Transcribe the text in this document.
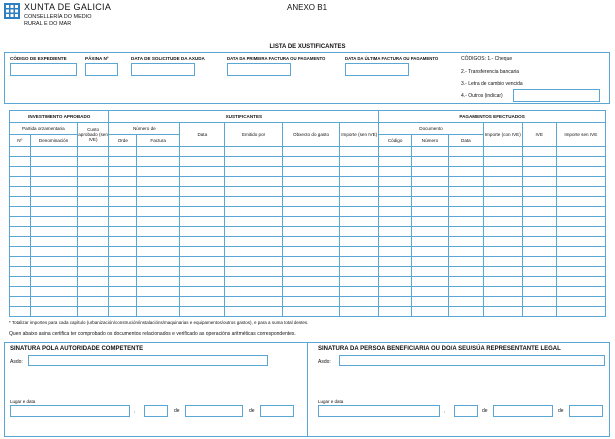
XUNTA DE GALICIA
CONSELLERÍA DO MEDIO RURAL E DO MAR
ANEXO B1
LISTA DE XUSTIFICANTES
CÓDIGO DE EXPEDIENTE	PÁXINA Nº	DATA DE SOLICITUDE DA AXUDA	DATA DA PRIMEIRA FACTURA OU PAGAMENTO	DATA DA ÚLTIMA FACTURA OU PAGAMENTO	CÓDIGOS: 1.- Cheque
2.- Transferencia bancaria
3.- Letra de cambio vencida
4.- Outros (indicar)
INVESTIMENTO APROBADO			XUSTIFICANTES						PAGAMENTOS EFECTUADOS					
Partida orzamentaria		Custo aprobado (sen IVE)	Número de		Data	Emitido por	Obxecto do gasto	Importe (sen IVE)	Documento			Importe (con IVE)	IVE	Importe sen IVE
Nº	Denominación		Orde	Factura					Código	Número	Data			

* Totalizar importes para cada capítulo (urbanización/construción/instalacións/maquinarias e equipamentos/outros gastos), e para a suma total destes.
Quen abaixo asina certifica ter comprobado os documentos relacionados e verificado as operacións aritméticas correspondentes.
SINATURA POLA AUTORIDADE COMPETENTE
Asdo:
Lugar e data
,	de	de
SINATURA DA PERSOA BENEFICIARIA OU DO/A SEU/SÚA REPRESENTANTE LEGAL
Asdo:
Lugar e data
,	de	de
